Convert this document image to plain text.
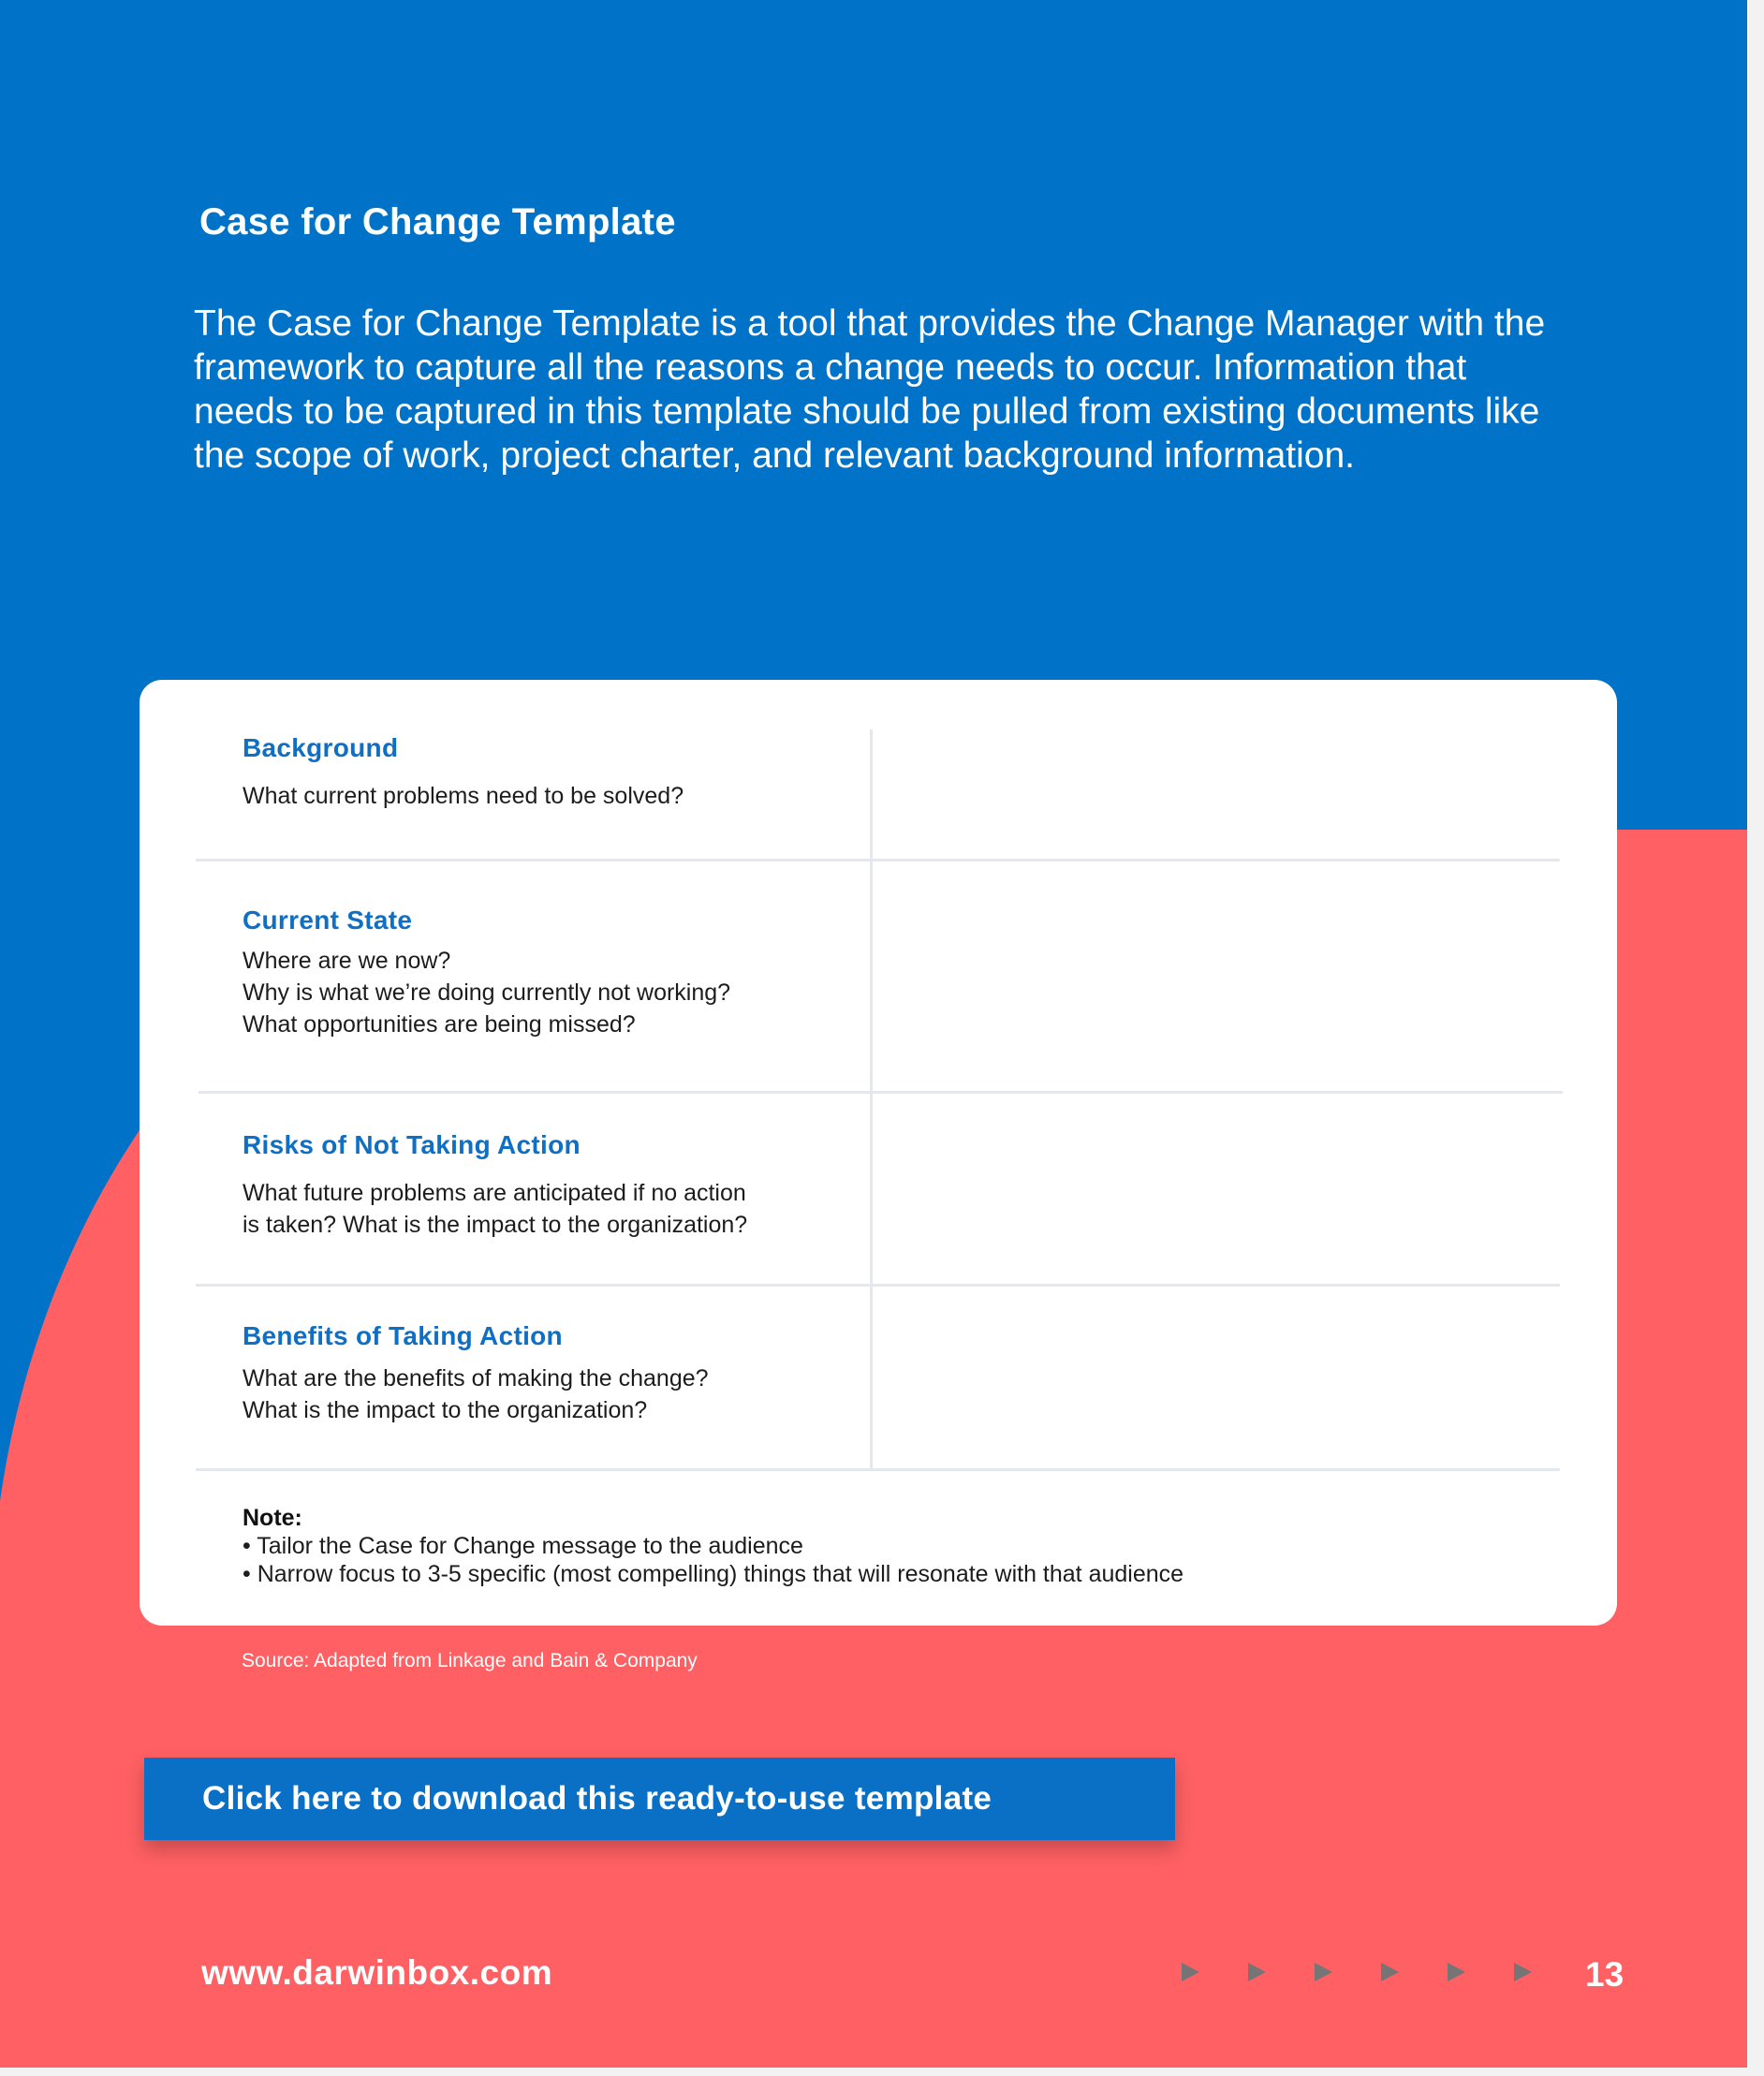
Case for Change Template
The Case for Change Template is a tool that provides the Change Manager with the framework to capture all the reasons a change needs to occur. Information that needs to be captured in this template should be pulled from existing documents like the scope of work, project charter, and relevant background information.
Background
What current problems need to be solved?
Current State
Where are we now?
Why is what we’re doing currently not working?
What opportunities are being missed?
Risks of Not Taking Action
What future problems are anticipated if no action
is taken? What is the impact to the organization?
Benefits of Taking Action
What are the benefits of making the change?
What is the impact to the organization?
Note:
• Tailor the Case for Change message to the audience
• Narrow focus to 3-5 specific (most compelling) things that will resonate with that audience
Source: Adapted from Linkage and Bain & Company
Click here to download this ready-to-use template
www.darwinbox.com	13
